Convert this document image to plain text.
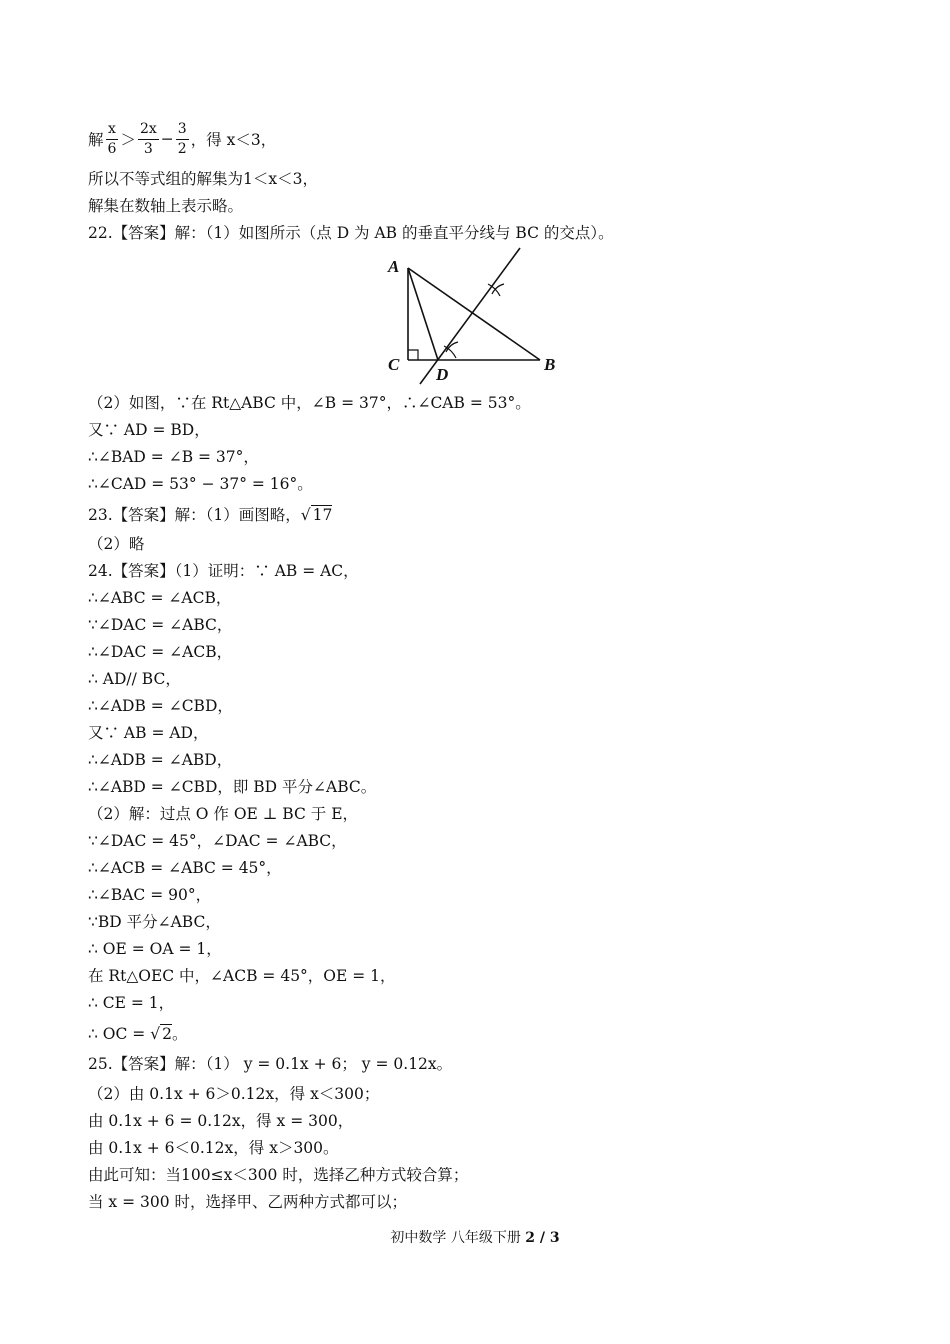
解 $\frac{x}{6} > \frac{2x}{3} - \frac{3}{2}$ ，得 x＜3，
所以不等式组的解集为1＜x＜3，
解集在数轴上表示略。
22.【答案】解：（1）如图所示（点 D 为 AB 的垂直平分线与 BC 的交点）。
A
C
D
B
（2）如图，∵在 Rt△ABC 中，∠B = 37°，∴∠CAB = 53°。
又∵ AD = BD，
∴∠BAD = ∠B = 37°，
∴∠CAD = 53° − 37° = 16°。
23.【答案】解：（1）画图略，√ 17
（2）略
24.【答案】（1）证明：∵ AB = AC，
∴∠ABC = ∠ACB，
∵∠DAC = ∠ABC，
∴∠DAC = ∠ACB，
∴ AD// BC，
∴∠ADB = ∠CBD，
又∵ AB = AD，
∴∠ADB = ∠ABD，
∴∠ABD = ∠CBD，即 BD 平分∠ABC。
（2）解：过点 O 作 OE ⊥ BC 于 E，
∵∠DAC = 45°，∠DAC = ∠ABC，
∴∠ACB = ∠ABC = 45°，
∴∠BAC = 90°，
∵BD 平分∠ABC，
∴ OE = OA = 1，
在 Rt△OEC 中，∠ACB = 45°，OE = 1，
∴ CE = 1，
∴ OC = √ 2。
25.【答案】解：（1） y = 0.1x + 6； y = 0.12x。
（2）由 0.1x + 6＞0.12x，得 x＜300；
由 0.1x + 6 = 0.12x，得 x = 300，
由 0.1x + 6＜0.12x，得 x＞300。
由此可知：当100≤x＜300 时，选择乙种方式较合算；
当 x = 300 时，选择甲、乙两种方式都可以；
初中数学 八年级下册 2 / 3
